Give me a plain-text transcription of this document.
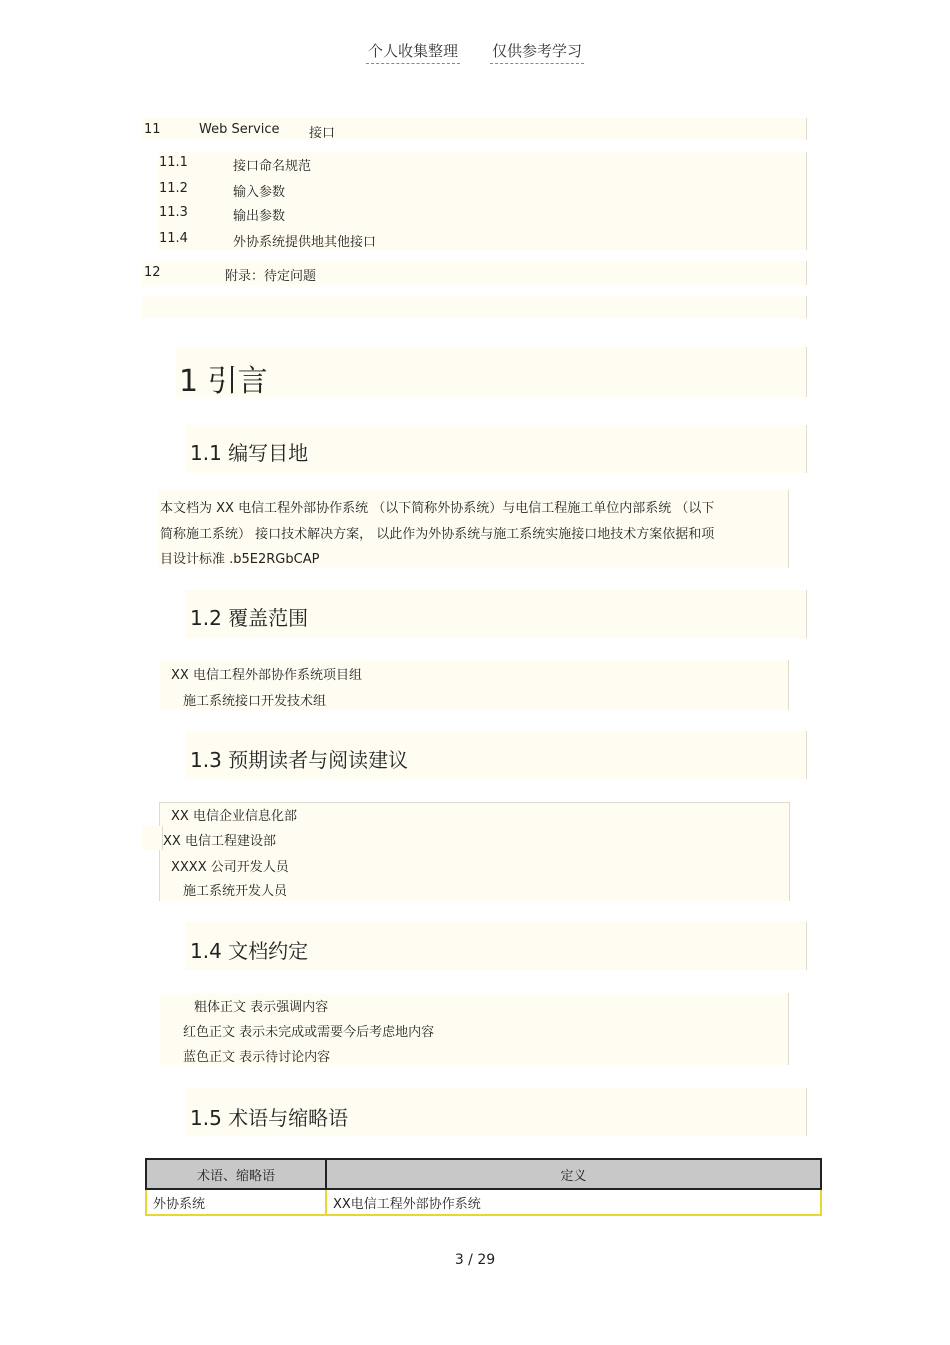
个人收集整理 仅供参考学习
11	Web Service 接口
11.1	接口命名规范
11.2	输入参数
11.3	输出参数
11.4	外协系统提供地其他接口
12	附录：待定问题
1 引言
1.1 编写目地
本文档为 XX 电信工程外部协作系统 （以下简称外协系统）与电信工程施工单位内部系统 （以下
简称施工系统） 接口技术解决方案， 以此作为外协系统与施工系统实施接口地技术方案依据和项
目设计标准 .b5E2RGbCAP
1.2 覆盖范围
XX 电信工程外部协作系统项目组
施工系统接口开发技术组
1.3 预期读者与阅读建议
XX 电信企业信息化部
XX 电信工程建设部
XXXX 公司开发人员
施工系统开发人员
1.4 文档约定
粗体正文 表示强调内容
红色正文 表示未完成或需要今后考虑地内容
蓝色正文 表示待讨论内容
1.5 术语与缩略语
术语、缩略语	定义
外协系统	XX电信工程外部协作系统
3 / 29
